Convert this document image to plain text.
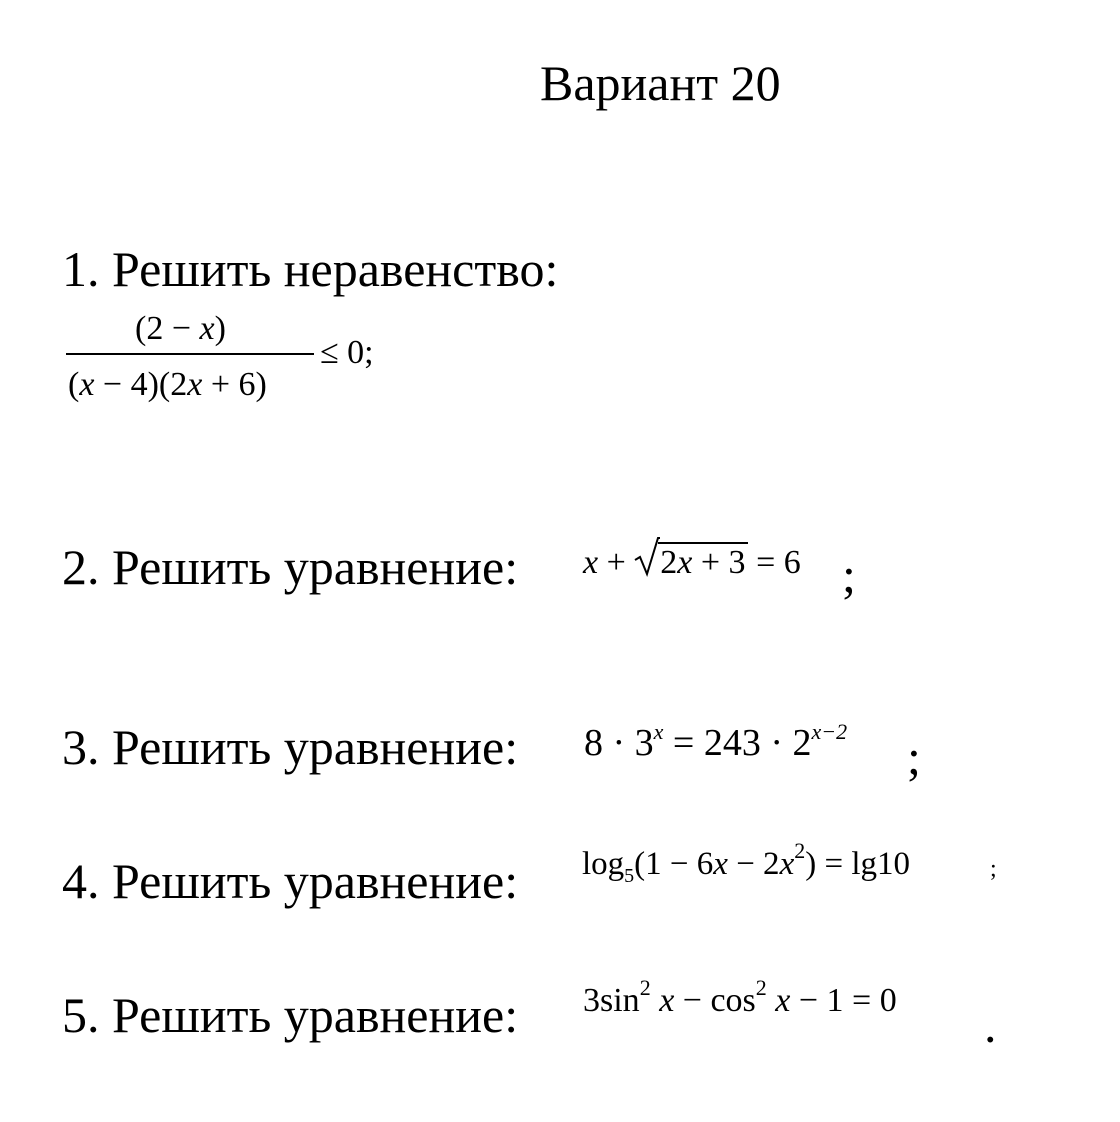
Вариант 20
1. Решить неравенство:
(2 − x)
(x − 4)(2x + 6)
≤ 0;
2. Решить уравнение: x +
2x + 3 = 6 ;
3. Решить уравнение: $8 \cdot 3^x = 243 \cdot 2^{x-2}$ ;
4. Решить уравнение: $\log_5(1 - 6x - 2x^2) = \lg 10$	;
5. Решить уравнение: $3\sin^2$ $x - \cos^2 x - 1 = 0$ .
